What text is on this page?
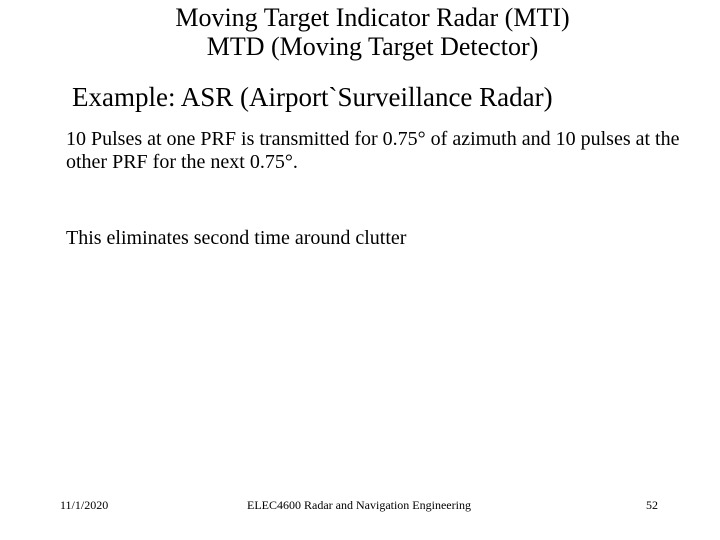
Moving Target Indicator Radar (MTI)
MTD (Moving Target Detector)
Example: ASR (Airport`Surveillance Radar)
10 Pulses at one PRF is transmitted for 0.75° of azimuth and 10 pulses at the other PRF for the next 0.75°.
This eliminates second time around clutter
11/1/2020	ELEC4600 Radar and Navigation Engineering	52
